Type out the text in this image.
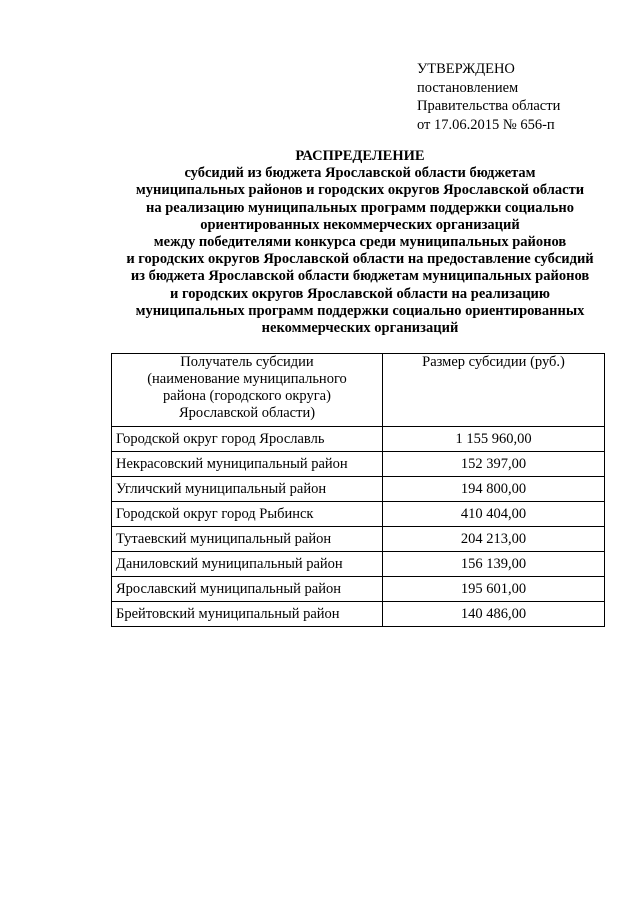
УТВЕРЖДЕНО
постановлением
Правительства области
от 17.06.2015 № 656-п
РАСПРЕДЕЛЕНИЕ
субсидий из бюджета Ярославской области бюджетам
муниципальных районов и городских округов Ярославской области
на реализацию муниципальных программ поддержки социально
ориентированных некоммерческих организаций
между победителями конкурса среди муниципальных районов
и городских округов Ярославской области на предоставление субсидий
из бюджета Ярославской области бюджетам муниципальных районов
и городских округов Ярославской области на реализацию
муниципальных программ поддержки социально ориентированных
некоммерческих организаций
Получатель субсидии
(наименование муниципального
района (городского округа)
Ярославской области)	Размер субсидии (руб.)
Городской округ город Ярославль	1 155 960,00
Некрасовский муниципальный район	152 397,00
Угличский муниципальный район	194 800,00
Городской округ город Рыбинск	410 404,00
Тутаевский муниципальный район	204 213,00
Даниловский муниципальный район	156 139,00
Ярославский муниципальный район	195 601,00
Брейтовский муниципальный район	140 486,00
